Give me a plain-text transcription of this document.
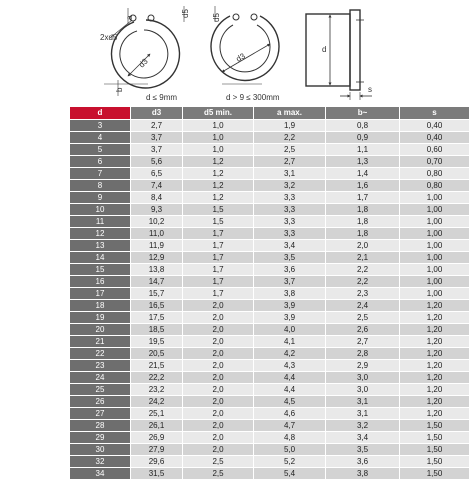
2xd5
a	d5
d3
b
d ≤ 9mm
d5
d3
d > 9 ≤ 300mm
d
s
d	d3	d5 min.	a max.	b~	s
3	2,7	1,0	1,9	0,8	0,40
4	3,7	1,0	2,2	0,9	0,40
5	3,7	1,0	2,5	1,1	0,60
6	5,6	1,2	2,7	1,3	0,70
7	6,5	1,2	3,1	1,4	0,80
8	7,4	1,2	3,2	1,6	0,80
9	8,4	1,2	3,3	1,7	1,00
10	9,3	1,5	3,3	1,8	1,00
11	10,2	1,5	3,3	1,8	1,00
12	11,0	1,7	3,3	1,8	1,00
13	11,9	1,7	3,4	2,0	1,00
14	12,9	1,7	3,5	2,1	1,00
15	13,8	1,7	3,6	2,2	1,00
16	14,7	1,7	3,7	2,2	1,00
17	15,7	1,7	3,8	2,3	1,00
18	16,5	2,0	3,9	2,4	1,20
19	17,5	2,0	3,9	2,5	1,20
20	18,5	2,0	4,0	2,6	1,20
21	19,5	2,0	4,1	2,7	1,20
22	20,5	2,0	4,2	2,8	1,20
23	21,5	2,0	4,3	2,9	1,20
24	22,2	2,0	4,4	3,0	1,20
25	23,2	2,0	4,4	3,0	1,20
26	24,2	2,0	4,5	3,1	1,20
27	25,1	2,0	4,6	3,1	1,20
28	26,1	2,0	4,7	3,2	1,50
29	26,9	2,0	4,8	3,4	1,50
30	27,9	2,0	5,0	3,5	1,50
32	29,6	2,5	5,2	3,6	1,50
34	31,5	2,5	5,4	3,8	1,50
